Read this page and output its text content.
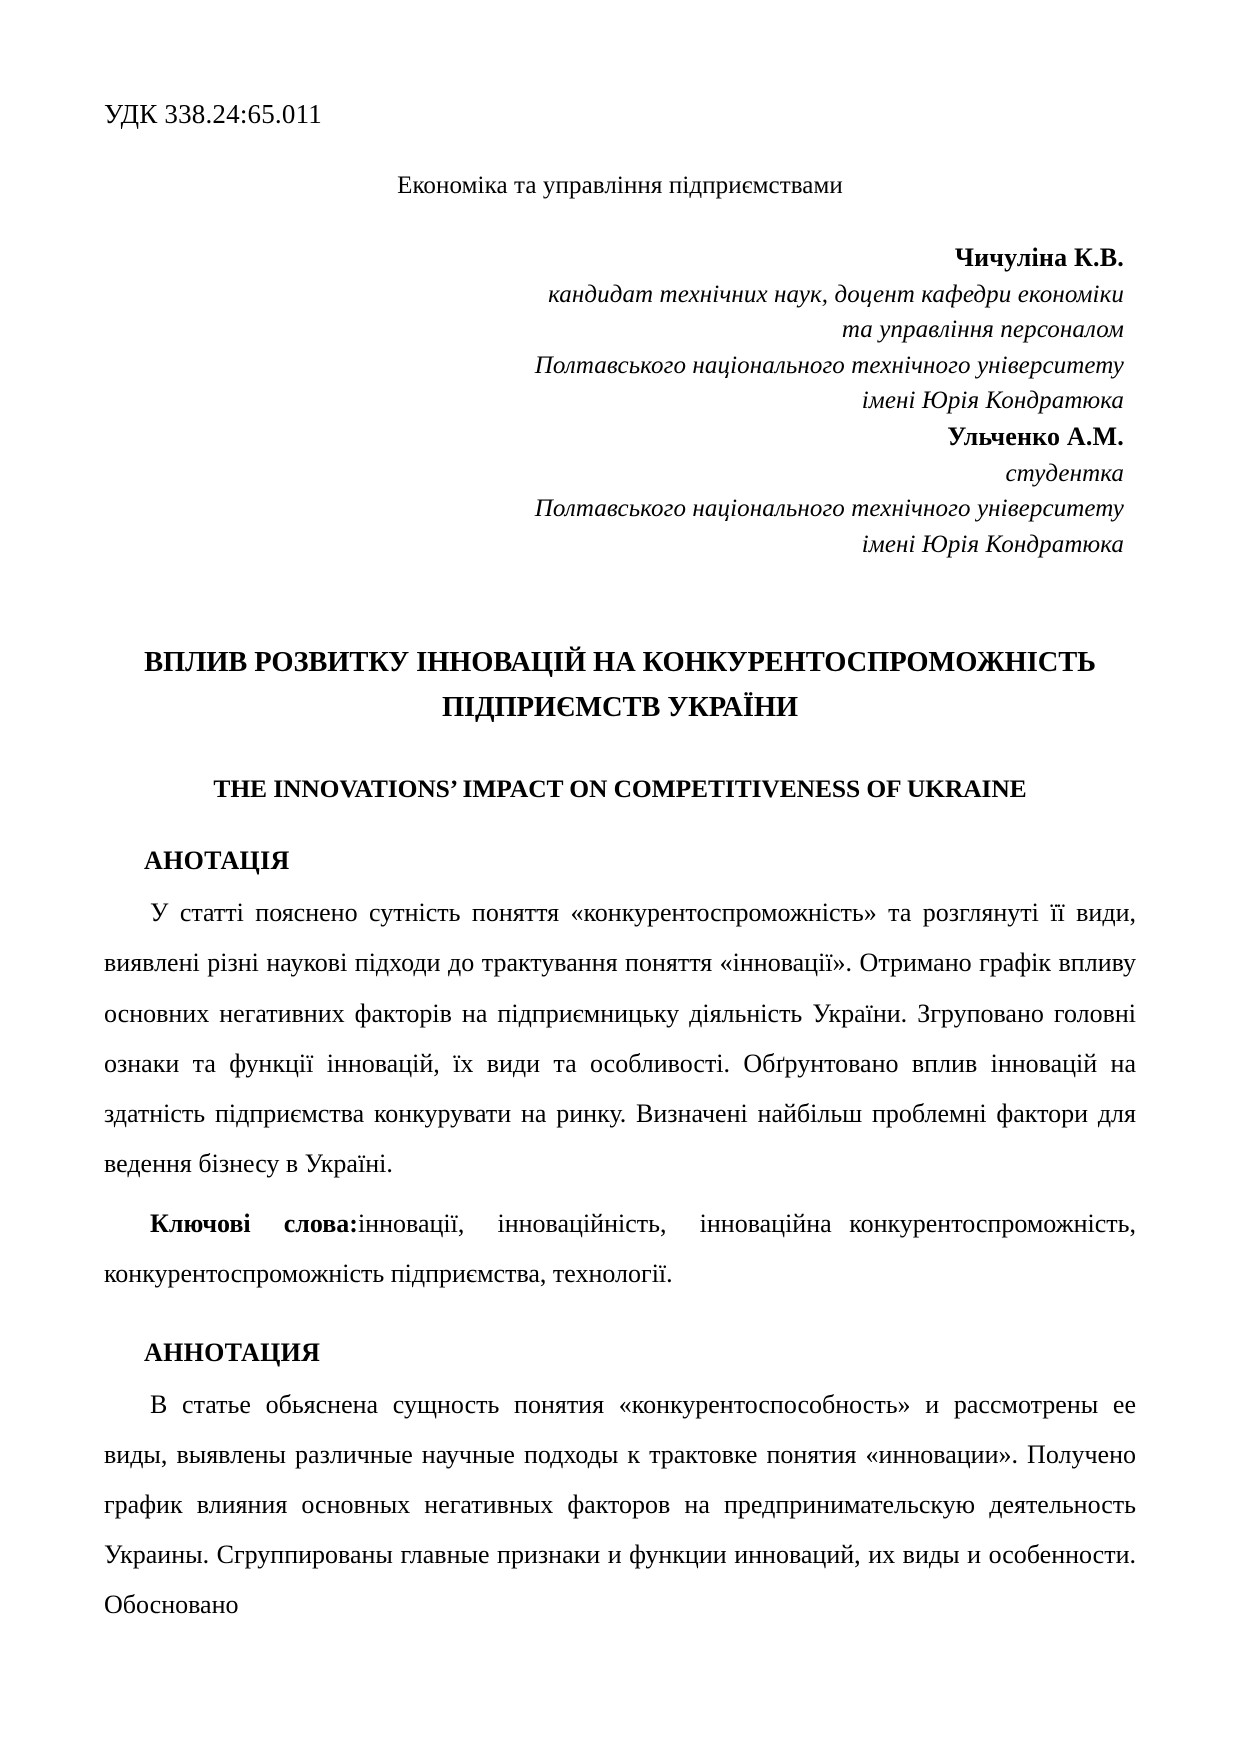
УДК 338.24:65.011
Економіка та управління підприємствами
Чичуліна К.В.
кандидат технічних наук, доцент кафедри економіки
та управління персоналом
Полтавського національного технічного університету
імені Юрія Кондратюка
Ульченко А.М.
студентка
Полтавського національного технічного університету
імені Юрія Кондратюка
ВПЛИВ РОЗВИТКУ ІННОВАЦІЙ НА КОНКУРЕНТОСПРОМОЖНІСТЬ
ПІДПРИЄМСТВ УКРАЇНИ
THE INNOVATIONS’ IMPACT ON COMPETITIVENESS OF UKRAINE
АНОТАЦІЯ

У статті пояснено сутність поняття «конкурентоспроможність» та розглянуті її види, виявлені різні наукові підходи до трактування поняття «інновації». Отримано графік впливу основних негативних факторів на підприємницьку діяльність України. Згруповано головні ознаки та функції інновацій, їх види та особливості. Обґрунтовано вплив інновацій на здатність підприємства конкурувати на ринку. Визначені найбільш проблемні фактори для ведення бізнесу в Україні.

Ключові слова:інновації, інноваційність, інноваційна конкурентоспроможність, конкурентоспроможність підприємства, технології.

АННОТАЦИЯ

В статье обьяснена сущность понятия «конкурентоспособность» и рассмотрены ее виды, выявлены различные научные подходы к трактовке понятия «инновации». Получено график влияния основных негативных факторов на предпринимательскую деятельность Украины. Сгруппированы главные признаки и функции инноваций, их виды и особенности. Обосновано
